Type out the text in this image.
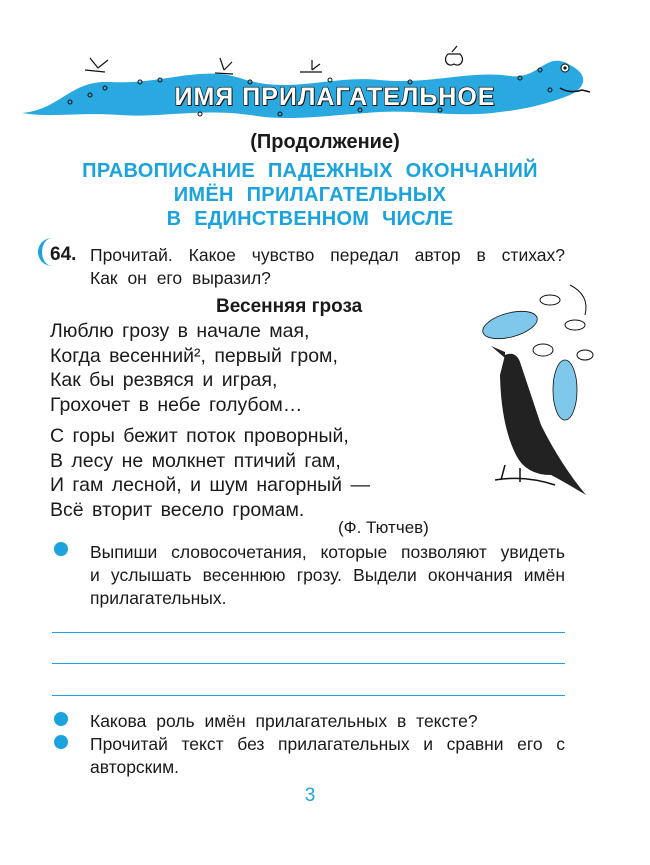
ИМЯ ПРИЛАГАТЕЛЬНОЕ
(Продолжение)
ПРАВОПИСАНИЕ ПАДЕЖНЫХ ОКОНЧАНИЙ
ИМЁН ПРИЛАГАТЕЛЬНЫХ
В ЕДИНСТВЕННОМ ЧИСЛЕ
64. Прочитай. Какое чувство передал автор в стихах? Как он его выразил?
Весенняя гроза
Люблю грозу в начале мая,
Когда весенний², первый гром,
Как бы резвяся и играя,
Грохочет в небе голубом…
С горы бежит поток проворный,
В лесу не молкнет птичий гам,
И гам лесной, и шум нагорный —
Всё вторит весело громам.
(Ф. Тютчев)
Выпиши словосочетания, которые позволяют увидеть и услышать весеннюю грозу. Выдели окончания имён прилагательных.
Какова роль имён прилагательных в тексте?
Прочитай текст без прилагательных и сравни его с авторским.
3
